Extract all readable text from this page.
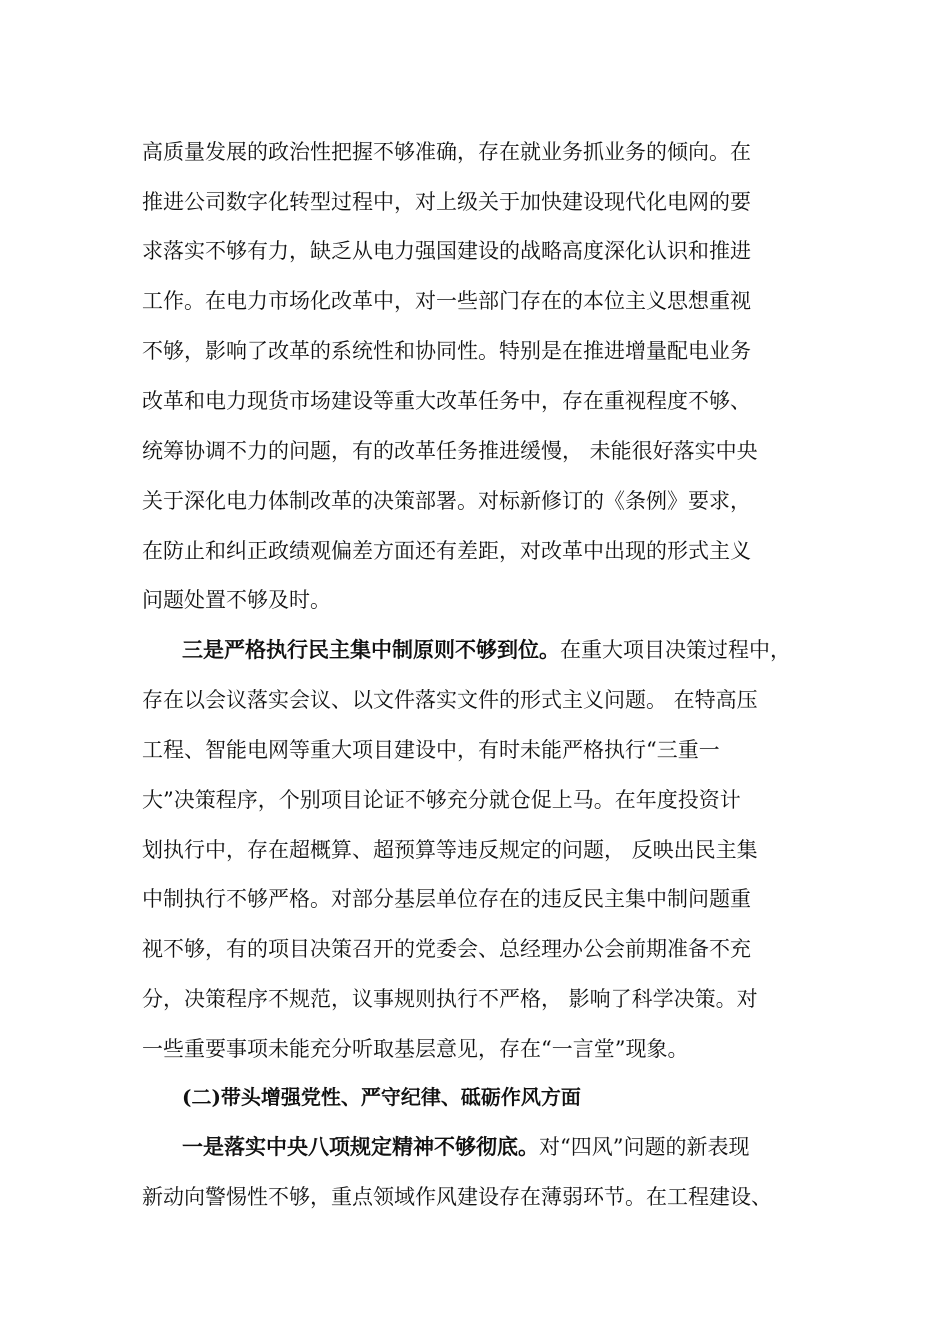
高质量发展的政治性把握不够准确，存在就业务抓业务的倾向。在
推进公司数字化转型过程中，对上级关于加快建设现代化电网的要
求落实不够有力，缺乏从电力强国建设的战略高度深化认识和推进
工作。在电力市场化改革中，对一些部门存在的本位主义思想重视
不够，影响了改革的系统性和协同性。特别是在推进增量配电业务
改革和电力现货市场建设等重大改革任务中，存在重视程度不够、
统筹协调不力的问题，有的改革任务推进缓慢， 未能很好落实中央
关于深化电力体制改革的决策部署。对标新修订的《条例》要求，
在防止和纠正政绩观偏差方面还有差距，对改革中出现的形式主义
问题处置不够及时。
三是严格执行民主集中制原则不够到位。在重大项目决策过程中，
存在以会议落实会议、以文件落实文件的形式主义问题。 在特高压
工程、智能电网等重大项目建设中，有时未能严格执行“三重一
大”决策程序，个别项目论证不够充分就仓促上马。在年度投资计
划执行中，存在超概算、超预算等违反规定的问题， 反映出民主集
中制执行不够严格。对部分基层单位存在的违反民主集中制问题重
视不够，有的项目决策召开的党委会、总经理办公会前期准备不充
分，决策程序不规范，议事规则执行不严格， 影响了科学决策。对
一些重要事项未能充分听取基层意见，存在“一言堂”现象。
(二)带头增强党性、严守纪律、砥砺作风方面
一是落实中央八项规定精神不够彻底。对“四风”问题的新表现
新动向警惕性不够，重点领域作风建设存在薄弱环节。在工程建设、
